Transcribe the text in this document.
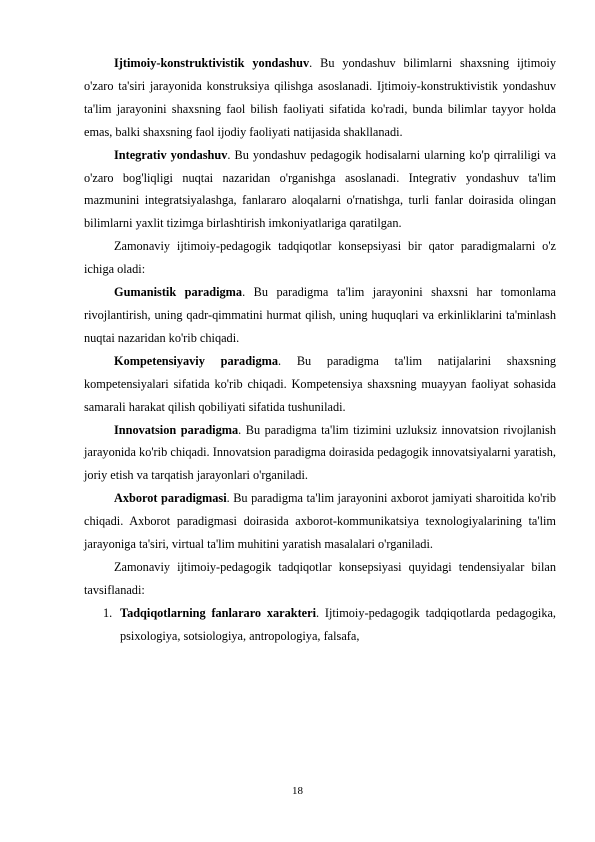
Ijtimoiy-konstruktivistik yondashuv. Bu yondashuv bilimlarni shaxsning ijtimoiy o'zaro ta'siri jarayonida konstruksiya qilishga asoslanadi. Ijtimoiy-konstruktivistik yondashuv ta'lim jarayonini shaxsning faol bilish faoliyati sifatida ko'radi, bunda bilimlar tayyor holda emas, balki shaxsning faol ijodiy faoliyati natijasida shakllanadi.

Integrativ yondashuv. Bu yondashuv pedagogik hodisalarni ularning ko'p qirraliligi va o'zaro bog'liqligi nuqtai nazaridan o'rganishga asoslanadi. Integrativ yondashuv ta'lim mazmunini integratsiyalashga, fanlararo aloqalarni o'rnatishga, turli fanlar doirasida olingan bilimlarni yaxlit tizimga birlashtirish imkoniyatlariga qaratilgan.

Zamonaviy ijtimoiy-pedagogik tadqiqotlar konsepsiyasi bir qator paradigmalarni o'z ichiga oladi:

Gumanistik paradigma. Bu paradigma ta'lim jarayonini shaxsni har tomonlama rivojlantirish, uning qadr-qimmatini hurmat qilish, uning huquqlari va erkinliklarini ta'minlash nuqtai nazaridan ko'rib chiqadi.

Kompetensiyaviy paradigma. Bu paradigma ta'lim natijalarini shaxsning kompetensiyalari sifatida ko'rib chiqadi. Kompetensiya shaxsning muayyan faoliyat sohasida samarali harakat qilish qobiliyati sifatida tushuniladi.

Innovatsion paradigma. Bu paradigma ta'lim tizimini uzluksiz innovatsion rivojlanish jarayonida ko'rib chiqadi. Innovatsion paradigma doirasida pedagogik innovatsiyalarni yaratish, joriy etish va tarqatish jarayonlari o'rganiladi.

Axborot paradigmasi. Bu paradigma ta'lim jarayonini axborot jamiyati sharoitida ko'rib chiqadi. Axborot paradigmasi doirasida axborot-kommunikatsiya texnologiyalarining ta'lim jarayoniga ta'siri, virtual ta'lim muhitini yaratish masalalari o'rganiladi.

Zamonaviy ijtimoiy-pedagogik tadqiqotlar konsepsiyasi quyidagi tendensiyalar bilan tavsiflanadi:

1. Tadqiqotlarning fanlararo xarakteri. Ijtimoiy-pedagogik tadqiqotlarda pedagogika, psixologiya, sotsiologiya, antropologiya, falsafa,
18
